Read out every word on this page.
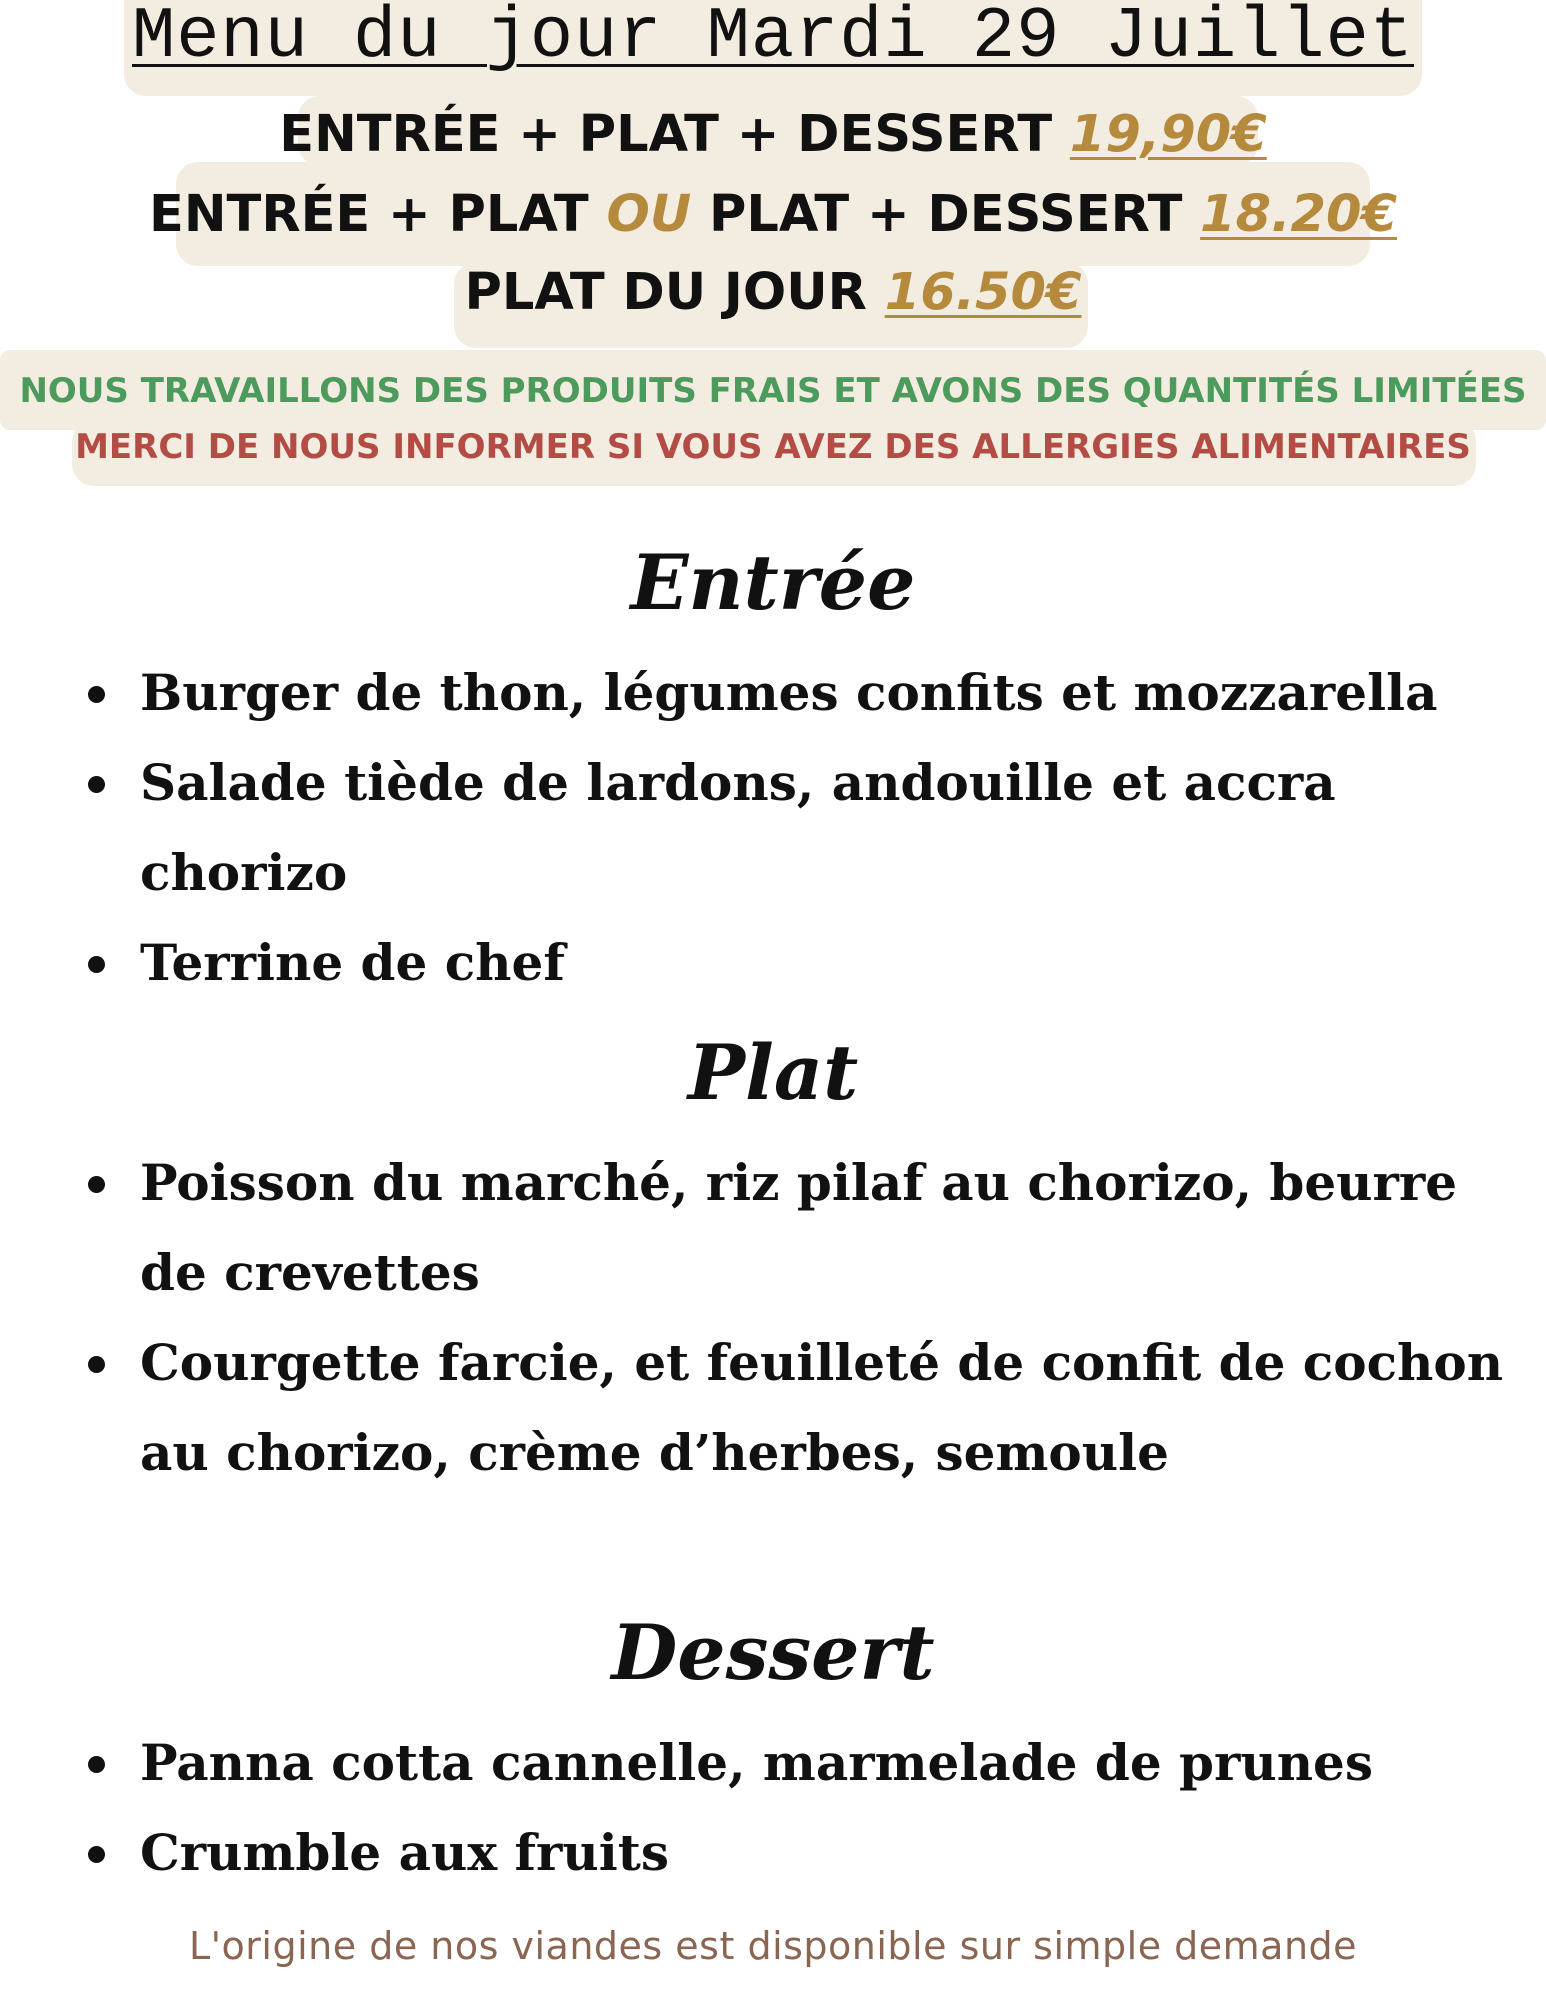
Menu du jour Mardi 29 Juillet
ENTRÉE + PLAT + DESSERT 19,90€
ENTRÉE + PLAT OU PLAT + DESSERT 18.20€
PLAT DU JOUR 16.50€
NOUS TRAVAILLONS DES PRODUITS FRAIS ET AVONS DES QUANTITÉS LIMITÉES
MERCI DE NOUS INFORMER SI VOUS AVEZ DES ALLERGIES ALIMENTAIRES
Entrée
Burger de thon, légumes confits et mozzarella
Salade tiède de lardons, andouille et accra chorizo
Terrine de chef
Plat
Poisson du marché, riz pilaf au chorizo, beurre de crevettes
Courgette farcie, et feuilleté de confit de cochon au chorizo, crème d’herbes, semoule
Dessert
Panna cotta cannelle, marmelade de prunes
Crumble aux fruits
L'origine de nos viandes est disponible sur simple demande
